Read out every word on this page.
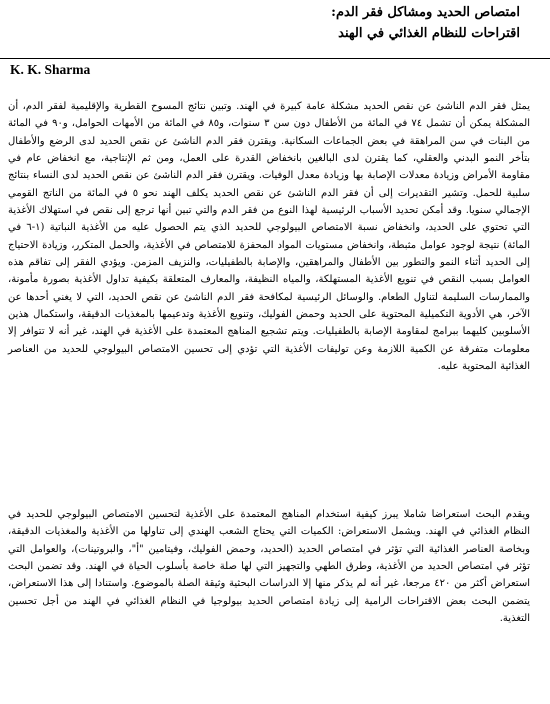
امتصاص الحديد ومشاكل فقر الدم:
اقتراحات للنظام الغذائي في الهند
K. K. Sharma
يمثل فقر الدم الناشئ عن نقص الحديد مشكلة عامة كبيرة في الهند. وتبين نتائج المسوح القطرية والإقليمية لفقر الدم، أن المشكلة يمكن أن تشمل ٧٤ في المائة من الأطفال دون سن ٣ سنوات، و٨٥ في المائة من الأمهات الحوامل، و٩٠ في المائة من البنات في سن المراهقة في بعض الجماعات السكانية. ويقترن فقر الدم الناشئ عن نقص الحديد لدى الرضع والأطفال بتأخر النمو البدني والعقلي، كما يقترن لدى البالغين بانخفاض القدرة على العمل، ومن ثم الإنتاجية، مع انخفاض عام في مقاومة الأمراض وزيادة معدلات الإصابة بها وزيادة معدل الوفيات. ويقترن فقر الدم الناشئ عن نقص الحديد لدى النساء بنتائج سلبية للحمل. وتشير التقديرات إلى أن فقر الدم الناشئ عن نقص الحديد يكلف الهند نحو ٥ في المائة من الناتج القومي الإجمالي سنويا. وقد أمكن تحديد الأسباب الرئيسية لهذا النوع من فقر الدم والتي تبين أنها ترجع إلى نقص في استهلاك الأغذية التي تحتوي على الحديد، وانخفاض نسبة الامتصاص البيولوجي للحديد الذي يتم الحصول عليه من الأغذية النباتية (١-٦ في المائة) نتيجة لوجود عوامل مثبطة، وانخفاض مستويات المواد المحفزة للامتصاص في الأغذية، والحمل المتكرر، وزيادة الاحتياج إلى الحديد أثناء النمو والتطور بين الأطفال والمراهقين، والإصابة بالطفيليات، والنزيف المزمن. ويؤدي الفقر إلى تفاقم هذه العوامل بسبب النقص في تنويع الأغذية المستهلكة، والمياه النظيفة، والمعارف المتعلقة بكيفية تداول الأغذية بصورة مأمونة، والممارسات السليمة لتناول الطعام. والوسائل الرئيسية لمكافحة فقر الدم الناشئ عن نقص الحديد، التي لا يغني أحدها عن الآخر، هي الأدوية التكميلية المحتوية على الحديد وحمض الفوليك، وتنويع الأغذية وتدعيمها بالمغذيات الدقيقة، واستكمال هذين الأسلوبين كليهما ببرامج لمقاومة الإصابة بالطفيليات. ويتم تشجيع المناهج المعتمدة على الأغذية في الهند، غير أنه لا تتوافر إلا معلومات متفرقة عن الكمية اللازمة وعن توليفات الأغذية التي تؤدي إلى تحسين الامتصاص البيولوجي للحديد من العناصر الغذائية المحتوية عليه.
ويقدم البحث استعراضا شاملا يبرز كيفية استخدام المناهج المعتمدة على الأغذية لتحسين الامتصاص البيولوجي للحديد في النظام الغذائي في الهند. ويشمل الاستعراض: الكميات التي يحتاج الشعب الهندي إلى تناولها من الأغذية والمغذيات الدقيقة، وبخاصة العناصر الغذائية التي تؤثر في امتصاص الحديد (الحديد، وحمض الفوليك، وفيتامين "أ"، والبروتينات)، والعوامل التي تؤثر في امتصاص الحديد من الأغذية، وطرق الطهي والتجهيز التي لها صلة خاصة بأسلوب الحياة في الهند. وقد تضمن البحث استعراض أكثر من ٤٢٠ مرجعا، غير أنه لم يذكر منها إلا الدراسات البحثية وثيقة الصلة بالموضوع. واستنادا إلى هذا الاستعراض، يتضمن البحث بعض الاقتراحات الرامية إلى زيادة امتصاص الحديد بيولوجيا في النظام الغذائي في الهند من أجل تحسين التغذية.
